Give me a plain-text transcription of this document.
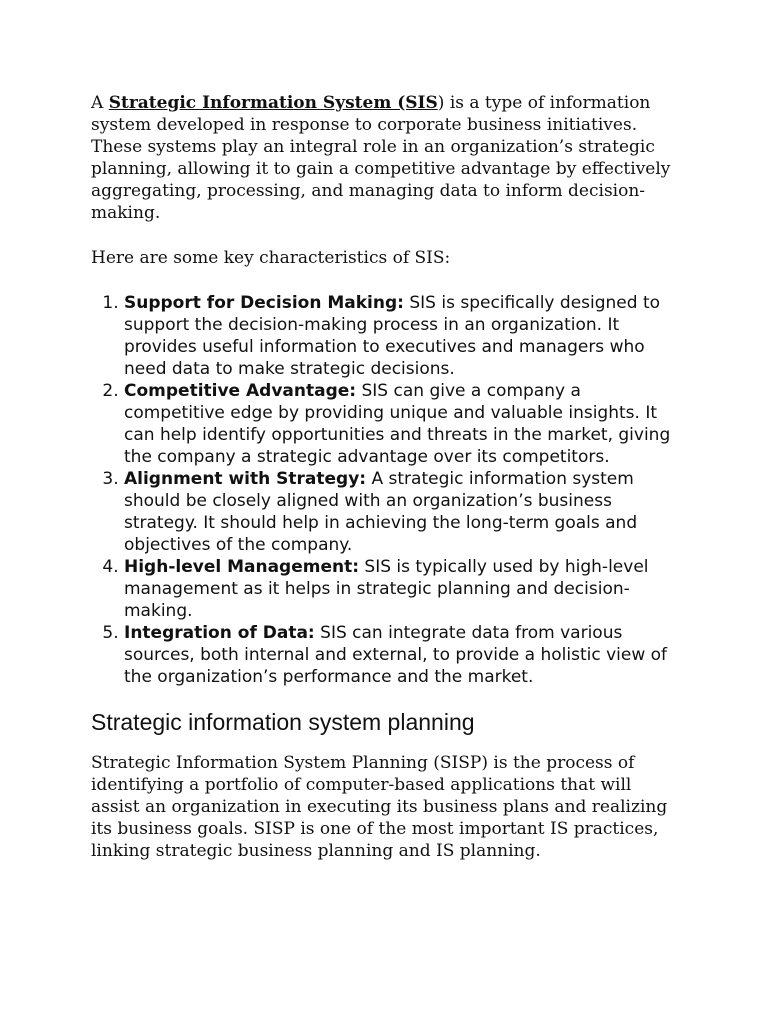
A Strategic Information System (SIS) is a type of information system developed in response to corporate business initiatives. These systems play an integral role in an organization’s strategic planning, allowing it to gain a competitive advantage by effectively aggregating, processing, and managing data to inform decision-making.

Here are some key characteristics of SIS:

1. Support for Decision Making: SIS is specifically designed to support the decision-making process in an organization. It provides useful information to executives and managers who need data to make strategic decisions.
2. Competitive Advantage: SIS can give a company a competitive edge by providing unique and valuable insights. It can help identify opportunities and threats in the market, giving the company a strategic advantage over its competitors.
3. Alignment with Strategy: A strategic information system should be closely aligned with an organization’s business strategy. It should help in achieving the long-term goals and objectives of the company.
4. High-level Management: SIS is typically used by high-level management as it helps in strategic planning and decision-making.
5. Integration of Data: SIS can integrate data from various sources, both internal and external, to provide a holistic view of the organization’s performance and the market.
Strategic information system planning

Strategic Information System Planning (SISP) is the process of identifying a portfolio of computer-based applications that will assist an organization in executing its business plans and realizing its business goals. SISP is one of the most important IS practices, linking strategic business planning and IS planning.
